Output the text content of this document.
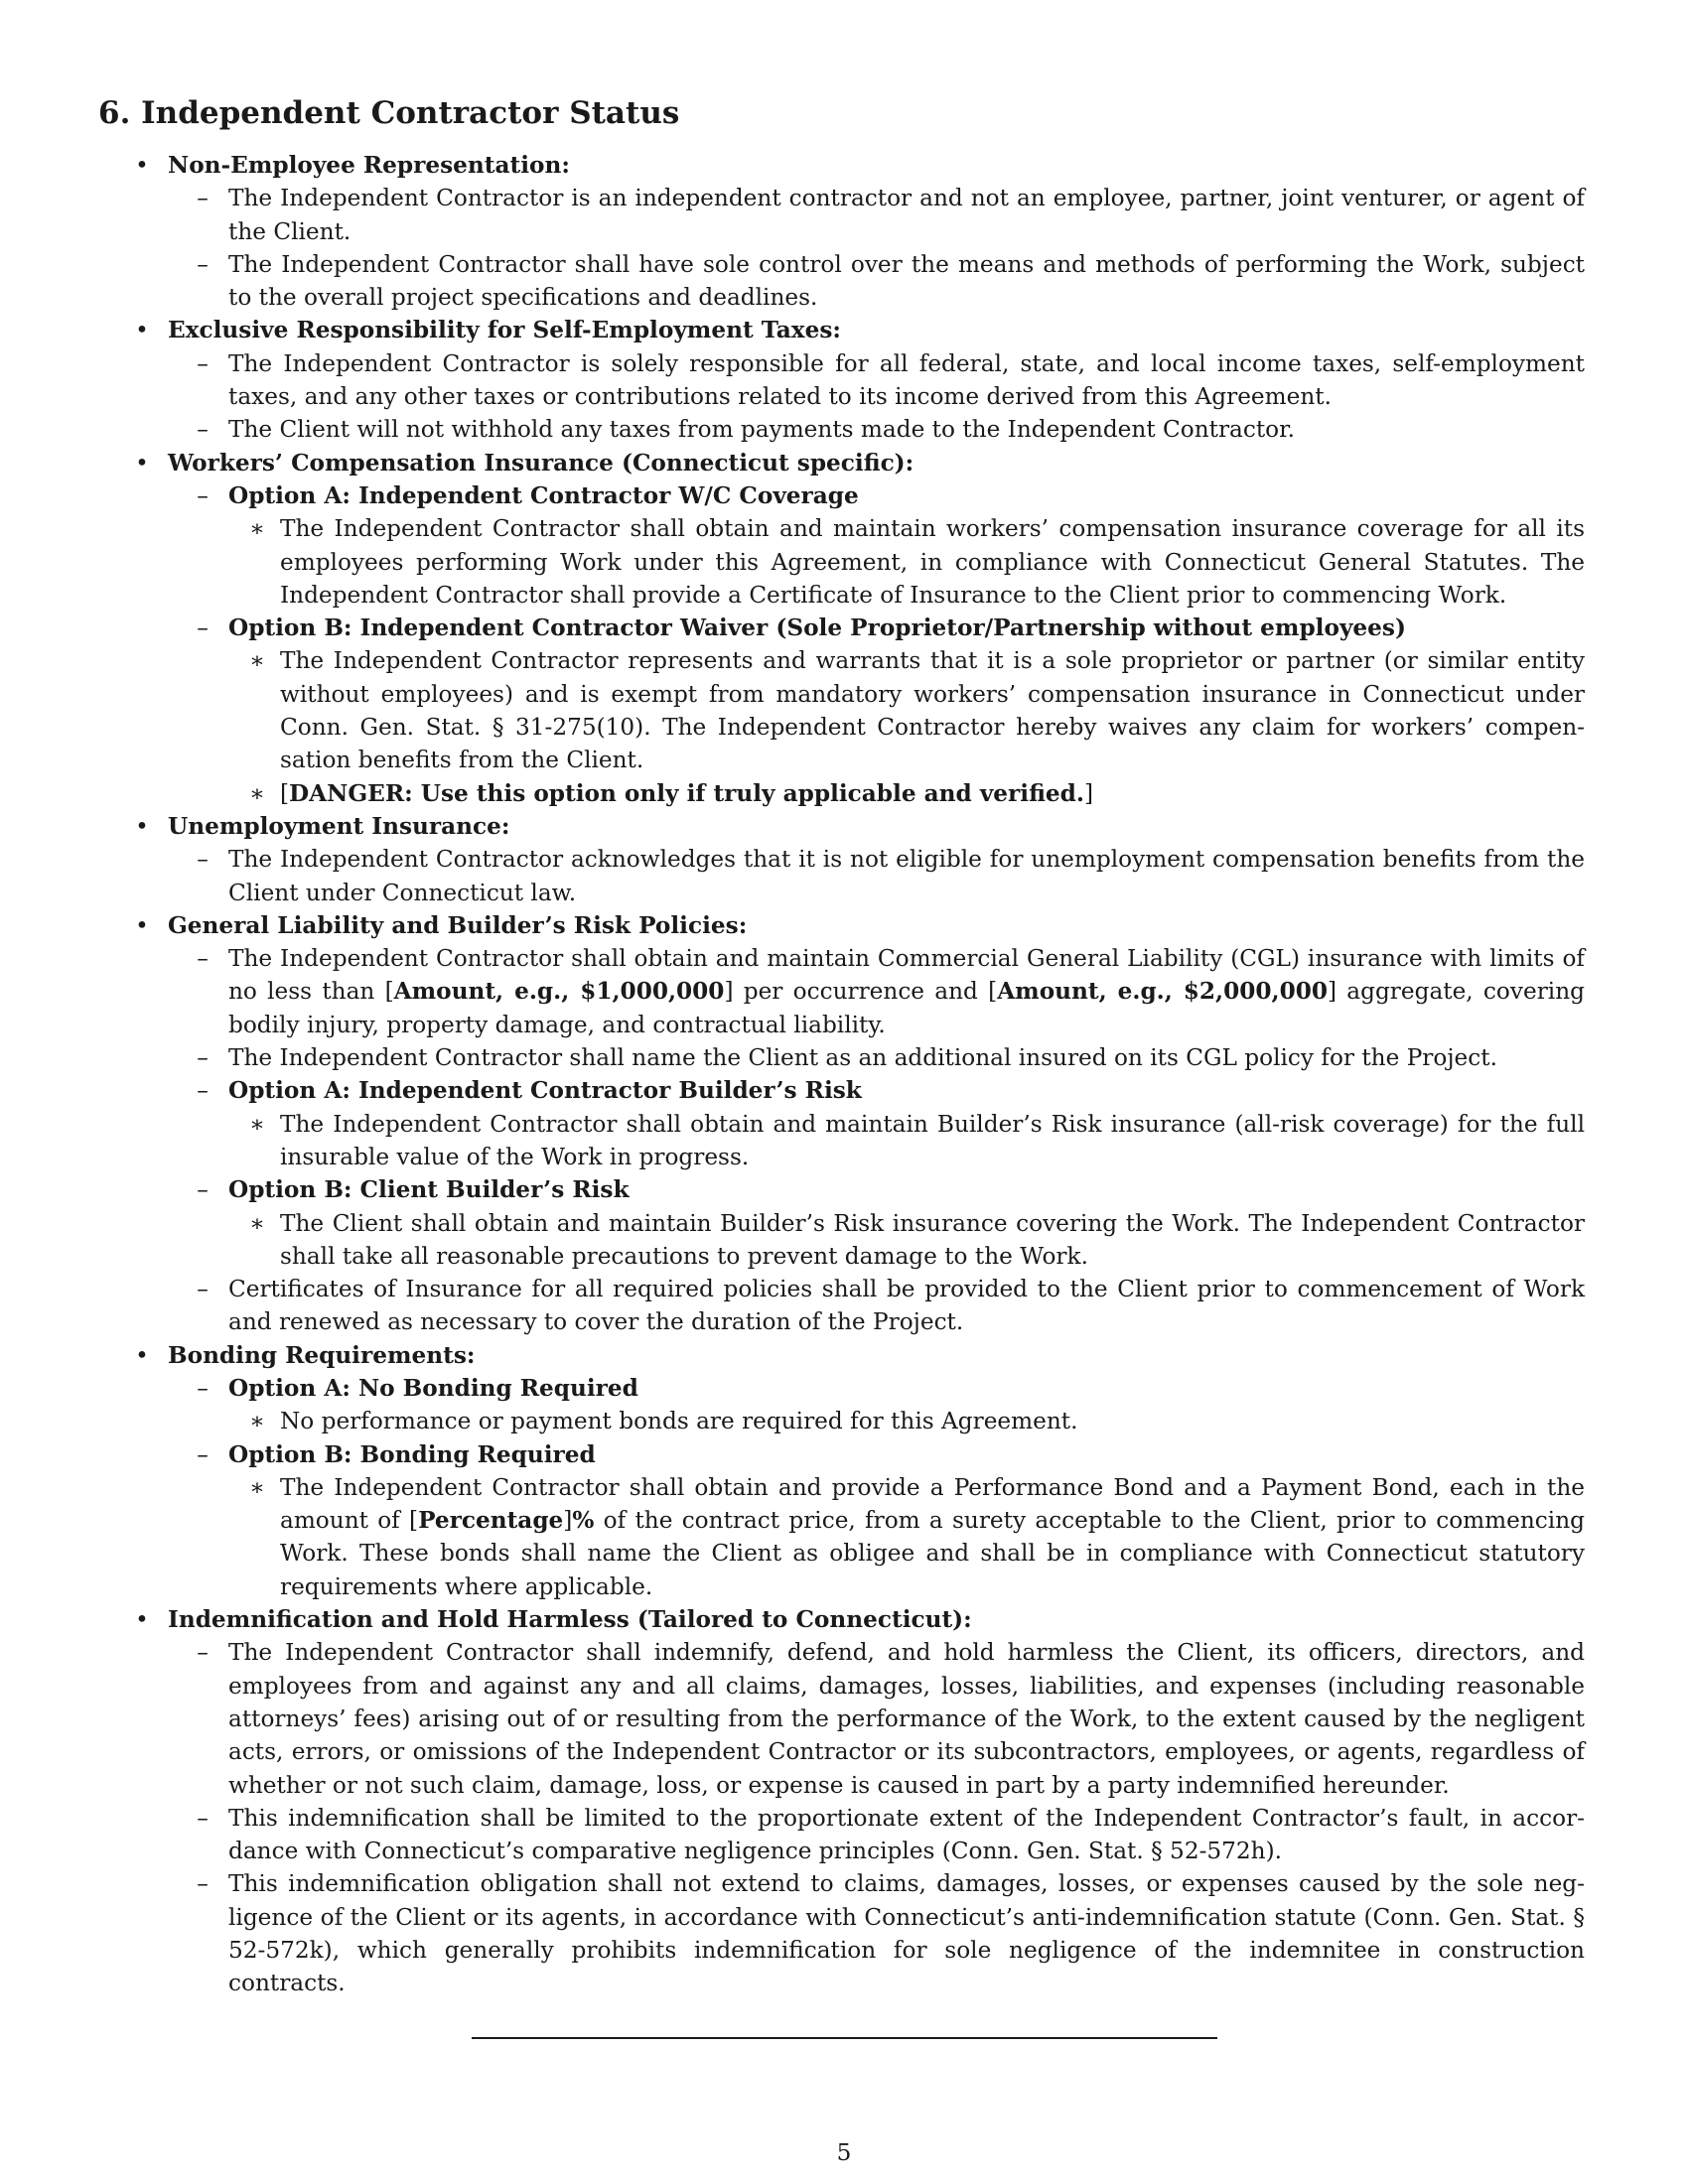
6. Independent Contractor Status

• Non-Employee Representation:

– The Independent Contractor is an independent contractor and not an employee, partner, joint venturer, or agent of the Client.

– The Independent Contractor shall have sole control over the means and methods of performing the Work, subject to the overall project specifications and deadlines.

• Exclusive Responsibility for Self-Employment Taxes:

– The Independent Contractor is solely responsible for all federal, state, and local income taxes, self-employment taxes, and any other taxes or contributions related to its income derived from this Agreement.

– The Client will not withhold any taxes from payments made to the Independent Contractor.

• Workers’ Compensation Insurance (Connecticut specific):

– Option A: Independent Contractor W/C Coverage

∗ The Independent Contractor shall obtain and maintain workers’ compensation insurance coverage for all its employees performing Work under this Agreement, in compliance with Connecticut General Statutes. The Independent Contractor shall provide a Certificate of Insurance to the Client prior to commencing Work.

– Option B: Independent Contractor Waiver (Sole Proprietor/Partnership without employees)

∗ The Independent Contractor represents and warrants that it is a sole proprietor or partner (or similar entity without employees) and is exempt from mandatory workers’ compensation insurance in Connecticut under Conn. Gen. Stat. § 31-275(10). The Independent Contractor hereby waives any claim for workers’ compensation benefits from the Client.

∗ [DANGER: Use this option only if truly applicable and verified.]

• Unemployment Insurance:

– The Independent Contractor acknowledges that it is not eligible for unemployment compensation benefits from the Client under Connecticut law.

• General Liability and Builder’s Risk Policies:

– The Independent Contractor shall obtain and maintain Commercial General Liability (CGL) insurance with limits of no less than [Amount, e.g., $1,000,000] per occurrence and [Amount, e.g., $2,000,000] aggregate, covering bodily injury, property damage, and contractual liability.

– The Independent Contractor shall name the Client as an additional insured on its CGL policy for the Project.

– Option A: Independent Contractor Builder’s Risk

∗ The Independent Contractor shall obtain and maintain Builder’s Risk insurance (all-risk coverage) for the full insurable value of the Work in progress.

– Option B: Client Builder’s Risk

∗ The Client shall obtain and maintain Builder’s Risk insurance covering the Work. The Independent Contractor shall take all reasonable precautions to prevent damage to the Work.

– Certificates of Insurance for all required policies shall be provided to the Client prior to commencement of Work and renewed as necessary to cover the duration of the Project.

• Bonding Requirements:

– Option A: No Bonding Required

∗ No performance or payment bonds are required for this Agreement.

– Option B: Bonding Required

∗ The Independent Contractor shall obtain and provide a Performance Bond and a Payment Bond, each in the amount of [Percentage]% of the contract price, from a surety acceptable to the Client, prior to commencing Work. These bonds shall name the Client as obligee and shall be in compliance with Connecticut statutory requirements where applicable.

• Indemnification and Hold Harmless (Tailored to Connecticut):

– The Independent Contractor shall indemnify, defend, and hold harmless the Client, its officers, directors, and employees from and against any and all claims, damages, losses, liabilities, and expenses (including reasonable attorneys’ fees) arising out of or resulting from the performance of the Work, to the extent caused by the negligent acts, errors, or omissions of the Independent Contractor or its subcontractors, employees, or agents, regardless of whether or not such claim, damage, loss, or expense is caused in part by a party indemnified hereunder.

– This indemnification shall be limited to the proportionate extent of the Independent Contractor’s fault, in accordance with Connecticut’s comparative negligence principles (Conn. Gen. Stat. § 52-572h).

– This indemnification obligation shall not extend to claims, damages, losses, or expenses caused by the sole negligence of the Client or its agents, in accordance with Connecticut’s anti-indemnification statute (Conn. Gen. Stat. § 52-572k), which generally prohibits indemnification for sole negligence of the indemnitee in construction contracts.

5
